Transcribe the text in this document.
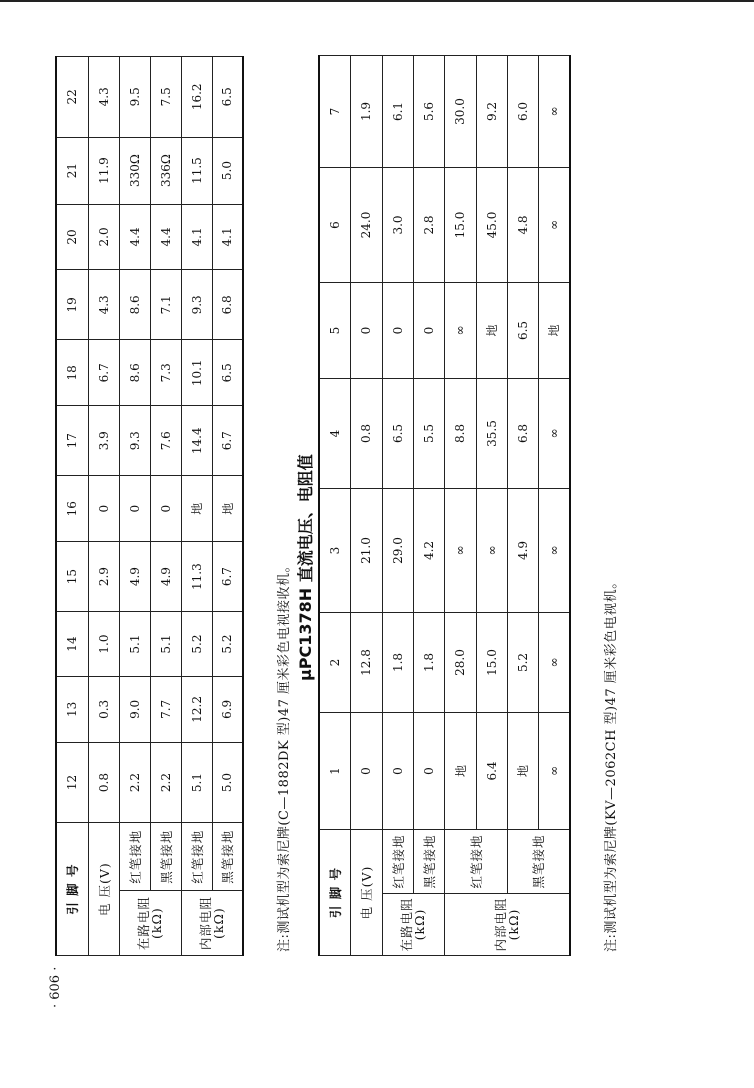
· 606 ·
引 脚 号		12	13	14	15	16	17	18	19	20	21	22
电 压(V)		0.8	0.3	1.0	2.9	0	3.9	6.7	4.3	2.0	11.9	4.3
在路电阻
(kΩ)	红笔接地	2.2	9.0	5.1	4.9	0	9.3	8.6	8.6	4.4	330Ω	9.5
	黑笔接地	2.2	7.7	5.1	4.9	0	7.6	7.3	7.1	4.4	336Ω	7.5
内部电阻
(kΩ)	红笔接地	5.1	12.2	5.2	11.3	地	14.4	10.1	9.3	4.1	11.5	16.2
	黑笔接地	5.0	6.9	5.2	6.7	地	6.7	6.5	6.8	4.1	5.0	6.5
注:测试机型为索尼牌(C—1882DK 型)47 厘米彩色电视接收机。 μPC1378H 直流电压、电阻值
引 脚 号		1	2	3	4	5	6	7
电 压(V)		0	12.8	21.0	0.8	0	24.0	1.9
在路电阻
(kΩ)	红笔接地	0	1.8	29.0	6.5	0	3.0	6.1
	黑笔接地	0	1.8	4.2	5.5	0	2.8	5.6
内部电阻
(kΩ)	红笔接地	地	28.0	∞	8.8	∞	15.0	30.0
		6.4	15.0	∞	35.5	地	45.0	9.2
	黑笔接地	地	5.2	4.9	6.8	6.5	4.8	6.0
		∞	∞	∞	∞	地	∞	∞
注:测试机型为索尼牌(KV—2062CH 型)47 厘米彩色电视机。
